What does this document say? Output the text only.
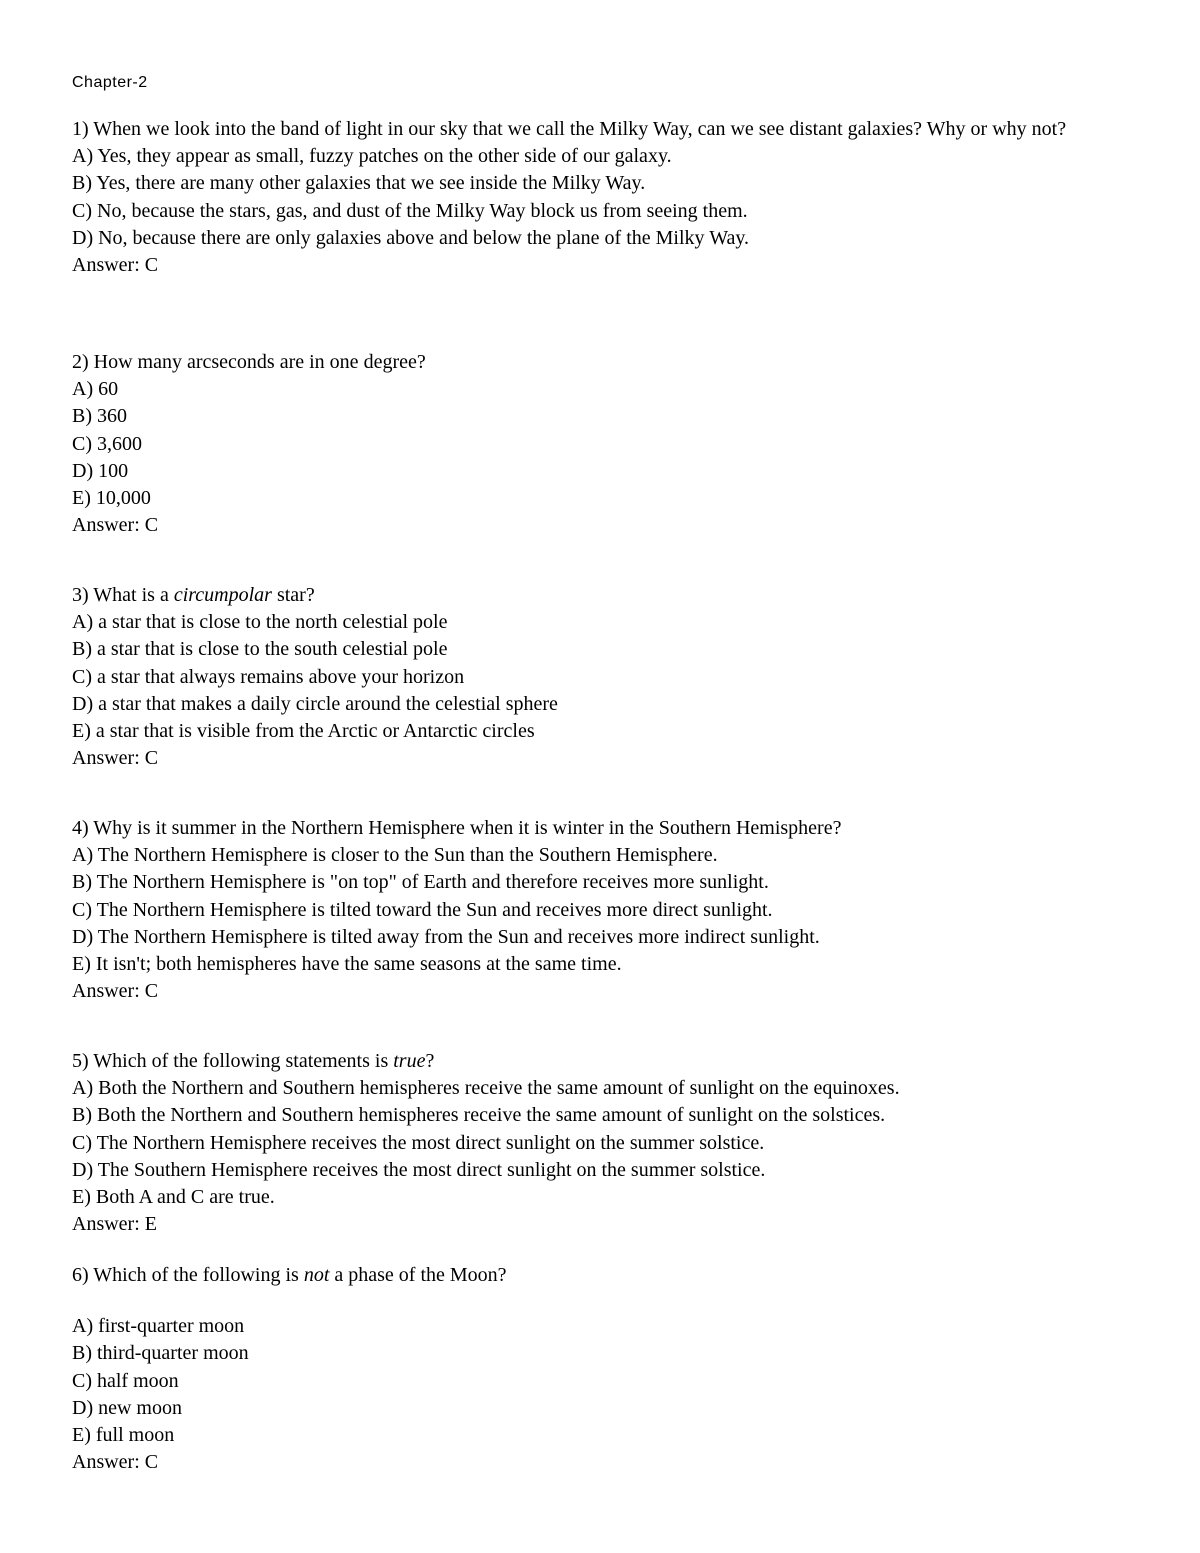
Chapter-2
1) When we look into the band of light in our sky that we call the Milky Way, can we see distant galaxies? Why or why not?
A) Yes, they appear as small, fuzzy patches on the other side of our galaxy.
B) Yes, there are many other galaxies that we see inside the Milky Way.
C) No, because the stars, gas, and dust of the Milky Way block us from seeing them.
D) No, because there are only galaxies above and below the plane of the Milky Way.
Answer: C
2) How many arcseconds are in one degree?
A) 60
B) 360
C) 3,600
D) 100
E) 10,000
Answer: C
3) What is a circumpolar star?
A) a star that is close to the north celestial pole
B) a star that is close to the south celestial pole
C) a star that always remains above your horizon
D) a star that makes a daily circle around the celestial sphere
E) a star that is visible from the Arctic or Antarctic circles
Answer: C
4) Why is it summer in the Northern Hemisphere when it is winter in the Southern Hemisphere?
A) The Northern Hemisphere is closer to the Sun than the Southern Hemisphere.
B) The Northern Hemisphere is "on top" of Earth and therefore receives more sunlight.
C) The Northern Hemisphere is tilted toward the Sun and receives more direct sunlight.
D) The Northern Hemisphere is tilted away from the Sun and receives more indirect sunlight.
E) It isn't; both hemispheres have the same seasons at the same time.
Answer: C
5) Which of the following statements is true?
A) Both the Northern and Southern hemispheres receive the same amount of sunlight on the equinoxes.
B) Both the Northern and Southern hemispheres receive the same amount of sunlight on the solstices.
C) The Northern Hemisphere receives the most direct sunlight on the summer solstice.
D) The Southern Hemisphere receives the most direct sunlight on the summer solstice.
E) Both A and C are true.
Answer: E
6) Which of the following is not a phase of the Moon?
A) first-quarter moon
B) third-quarter moon
C) half moon
D) new moon
E) full moon
Answer: C
